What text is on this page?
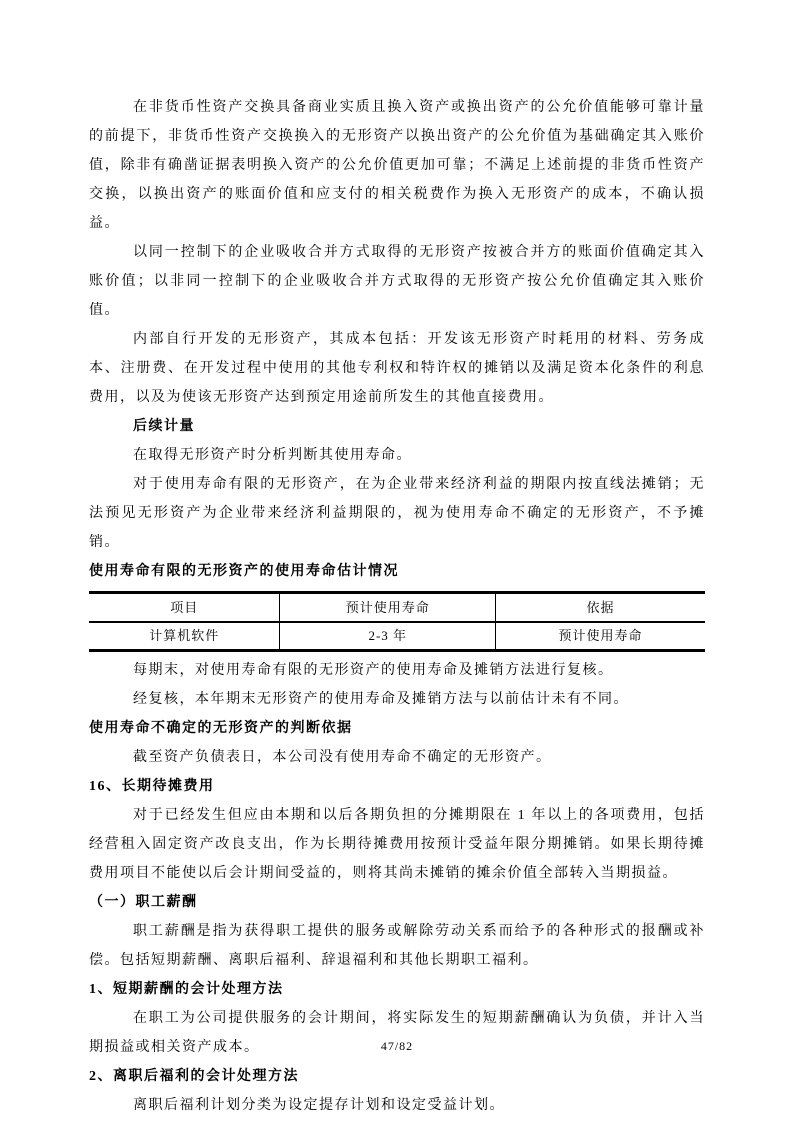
在非货币性资产交换具备商业实质且换入资产或换出资产的公允价值能够可靠计量的前提下，非货币性资产交换换入的无形资产以换出资产的公允价值为基础确定其入账价值，除非有确凿证据表明换入资产的公允价值更加可靠；不满足上述前提的非货币性资产交换，以换出资产的账面价值和应支付的相关税费作为换入无形资产的成本，不确认损益。

以同一控制下的企业吸收合并方式取得的无形资产按被合并方的账面价值确定其入账价值；以非同一控制下的企业吸收合并方式取得的无形资产按公允价值确定其入账价值。

内部自行开发的无形资产，其成本包括：开发该无形资产时耗用的材料、劳务成本、注册费、在开发过程中使用的其他专利权和特许权的摊销以及满足资本化条件的利息费用，以及为使该无形资产达到预定用途前所发生的其他直接费用。

后续计量

在取得无形资产时分析判断其使用寿命。

对于使用寿命有限的无形资产，在为企业带来经济利益的期限内按直线法摊销；无法预见无形资产为企业带来经济利益期限的，视为使用寿命不确定的无形资产，不予摊销。

使用寿命有限的无形资产的使用寿命估计情况

项目	预计使用寿命	依据
计算机软件	2-3 年	预计使用寿命

每期末，对使用寿命有限的无形资产的使用寿命及摊销方法进行复核。

经复核，本年期末无形资产的使用寿命及摊销方法与以前估计未有不同。

使用寿命不确定的无形资产的判断依据

截至资产负债表日，本公司没有使用寿命不确定的无形资产。

16、长期待摊费用

对于已经发生但应由本期和以后各期负担的分摊期限在 1 年以上的各项费用，包括经营租入固定资产改良支出，作为长期待摊费用按预计受益年限分期摊销。如果长期待摊费用项目不能使以后会计期间受益的，则将其尚未摊销的摊余价值全部转入当期损益。

（一）职工薪酬

职工薪酬是指为获得职工提供的服务或解除劳动关系而给予的各种形式的报酬或补偿。包括短期薪酬、离职后福利、辞退福利和其他长期职工福利。

1、短期薪酬的会计处理方法

在职工为公司提供服务的会计期间，将实际发生的短期薪酬确认为负债，并计入当期损益或相关资产成本。

2、离职后福利的会计处理方法

离职后福利计划分类为设定提存计划和设定受益计划。

47/82
